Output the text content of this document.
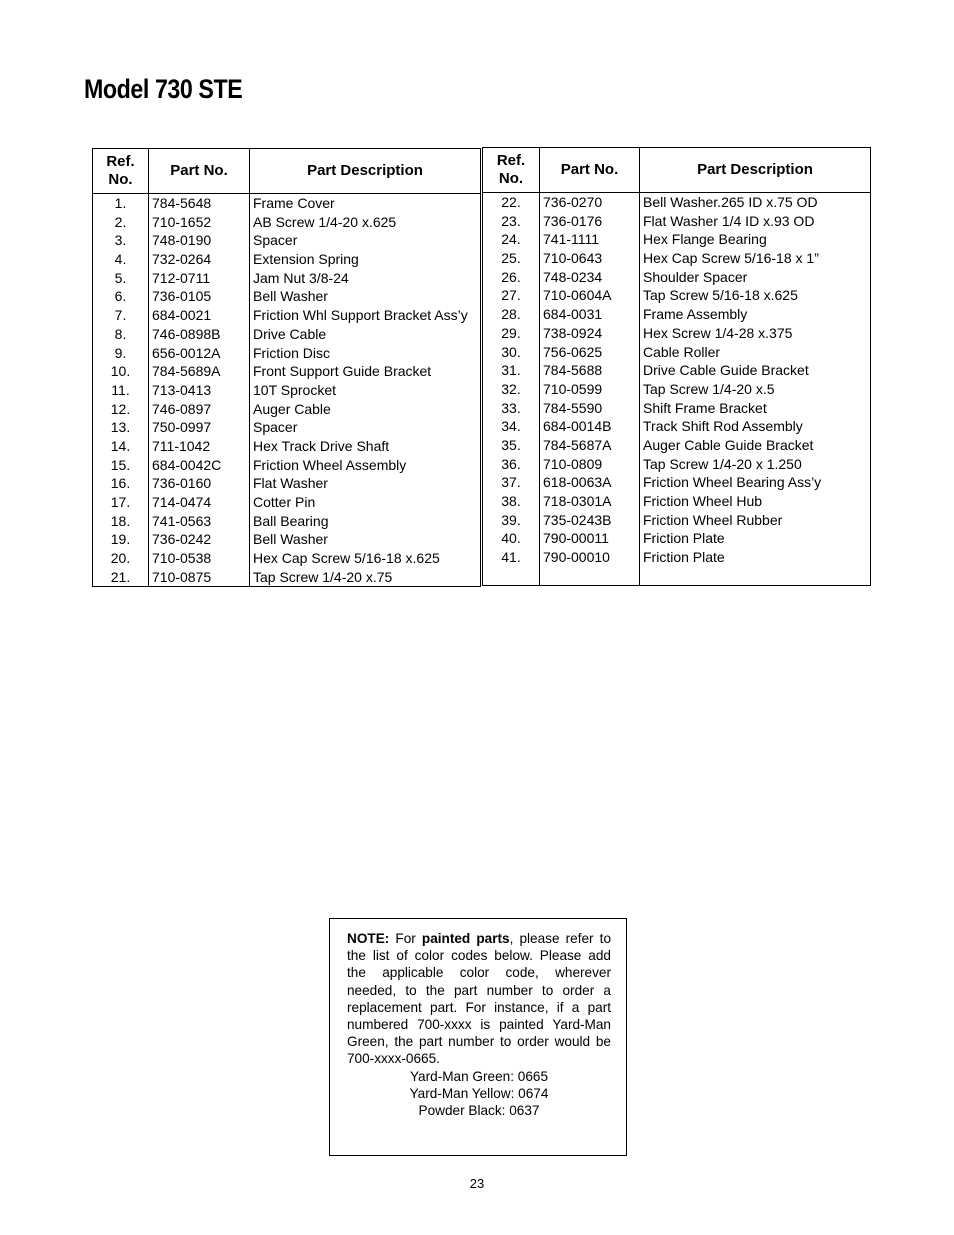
Model 730 STE
Ref. No.	Part No.	Part Description
1.	784-5648	Frame Cover
2.	710-1652	AB Screw 1/4-20 x.625
3.	748-0190	Spacer
4.	732-0264	Extension Spring
5.	712-0711	Jam Nut 3/8-24
6.	736-0105	Bell Washer
7.	684-0021	Friction Whl Support Bracket Ass’y
8.	746-0898B	Drive Cable
9.	656-0012A	Friction Disc
10.	784-5689A	Front Support Guide Bracket
11.	713-0413	10T Sprocket
12.	746-0897	Auger Cable
13.	750-0997	Spacer
14.	711-1042	Hex Track Drive Shaft
15.	684-0042C	Friction Wheel Assembly
16.	736-0160	Flat Washer
17.	714-0474	Cotter Pin
18.	741-0563	Ball Bearing
19.	736-0242	Bell Washer
20.	710-0538	Hex Cap Screw 5/16-18 x.625
21.	710-0875	Tap Screw 1/4-20 x.75

Ref. No.	Part No.	Part Description
22.	736-0270	Bell Washer.265 ID x.75 OD
23.	736-0176	Flat Washer 1/4 ID x.93 OD
24.	741-1111	Hex Flange Bearing
25.	710-0643	Hex Cap Screw 5/16-18 x 1”
26.	748-0234	Shoulder Spacer
27.	710-0604A	Tap Screw 5/16-18 x.625
28.	684-0031	Frame Assembly
29.	738-0924	Hex Screw 1/4-28 x.375
30.	756-0625	Cable Roller
31.	784-5688	Drive Cable Guide Bracket
32.	710-0599	Tap Screw 1/4-20 x.5
33.	784-5590	Shift Frame Bracket
34.	684-0014B	Track Shift Rod Assembly
35.	784-5687A	Auger Cable Guide Bracket
36.	710-0809	Tap Screw 1/4-20 x 1.250
37.	618-0063A	Friction Wheel Bearing Ass’y
38.	718-0301A	Friction Wheel Hub
39.	735-0243B	Friction Wheel Rubber
40.	790-00011	Friction Plate
41.	790-00010	Friction Plate

NOTE: For painted parts, please refer to the list of color codes below. Please add the applicable color code, wherever needed, to the part number to order a replacement part. For instance, if a part numbered 700-xxxx is painted Yard-Man Green, the part number to order would be 700-xxxx-0665.
Yard-Man Green: 0665
Yard-Man Yellow: 0674
Powder Black: 0637
23
